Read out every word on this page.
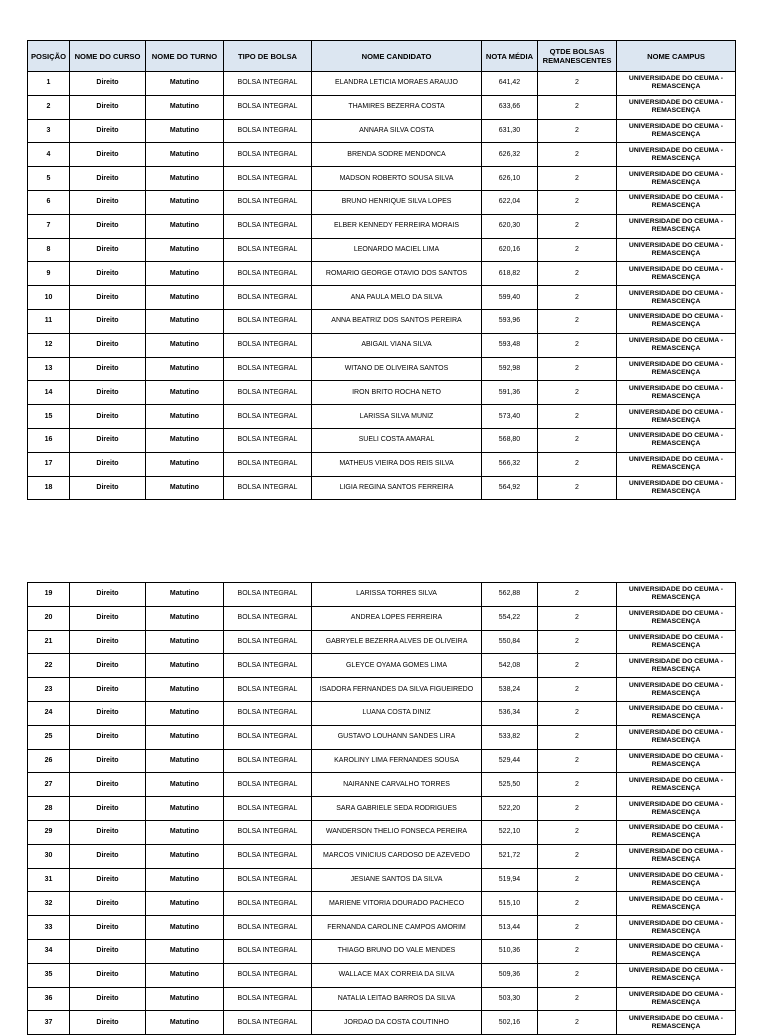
POSIÇÃO	NOME DO CURSO	NOME DO TURNO	TIPO DE BOLSA	NOME CANDIDATO	NOTA MÉDIA	QTDE BOLSAS REMANESCENTES	NOME CAMPUS
1	Direito	Matutino	BOLSA INTEGRAL	ELANDRA LETICIA MORAES ARAUJO	641,42	2	UNIVERSIDADE DO CEUMA - REMASCENÇA
2	Direito	Matutino	BOLSA INTEGRAL	THAMIRES BEZERRA COSTA	633,66	2	UNIVERSIDADE DO CEUMA - REMASCENÇA
3	Direito	Matutino	BOLSA INTEGRAL	ANNARA SILVA COSTA	631,30	2	UNIVERSIDADE DO CEUMA - REMASCENÇA
4	Direito	Matutino	BOLSA INTEGRAL	BRENDA SODRE MENDONCA	626,32	2	UNIVERSIDADE DO CEUMA - REMASCENÇA
5	Direito	Matutino	BOLSA INTEGRAL	MADSON ROBERTO SOUSA SILVA	626,10	2	UNIVERSIDADE DO CEUMA - REMASCENÇA
6	Direito	Matutino	BOLSA INTEGRAL	BRUNO HENRIQUE SILVA LOPES	622,04	2	UNIVERSIDADE DO CEUMA - REMASCENÇA
7	Direito	Matutino	BOLSA INTEGRAL	ELBER KENNEDY FERREIRA MORAIS	620,30	2	UNIVERSIDADE DO CEUMA - REMASCENÇA
8	Direito	Matutino	BOLSA INTEGRAL	LEONARDO MACIEL LIMA	620,16	2	UNIVERSIDADE DO CEUMA - REMASCENÇA
9	Direito	Matutino	BOLSA INTEGRAL	ROMARIO GEORGE OTAVIO DOS SANTOS	618,82	2	UNIVERSIDADE DO CEUMA - REMASCENÇA
10	Direito	Matutino	BOLSA INTEGRAL	ANA PAULA MELO DA SILVA	599,40	2	UNIVERSIDADE DO CEUMA - REMASCENÇA
11	Direito	Matutino	BOLSA INTEGRAL	ANNA BEATRIZ DOS SANTOS PEREIRA	593,96	2	UNIVERSIDADE DO CEUMA - REMASCENÇA
12	Direito	Matutino	BOLSA INTEGRAL	ABIGAIL VIANA SILVA	593,48	2	UNIVERSIDADE DO CEUMA - REMASCENÇA
13	Direito	Matutino	BOLSA INTEGRAL	WITANO DE OLIVEIRA SANTOS	592,98	2	UNIVERSIDADE DO CEUMA - REMASCENÇA
14	Direito	Matutino	BOLSA INTEGRAL	IRON BRITO ROCHA NETO	591,36	2	UNIVERSIDADE DO CEUMA - REMASCENÇA
15	Direito	Matutino	BOLSA INTEGRAL	LARISSA SILVA MUNIZ	573,40	2	UNIVERSIDADE DO CEUMA - REMASCENÇA
16	Direito	Matutino	BOLSA INTEGRAL	SUELI COSTA AMARAL	568,80	2	UNIVERSIDADE DO CEUMA - REMASCENÇA
17	Direito	Matutino	BOLSA INTEGRAL	MATHEUS VIEIRA DOS REIS SILVA	566,32	2	UNIVERSIDADE DO CEUMA - REMASCENÇA
18	Direito	Matutino	BOLSA INTEGRAL	LIGIA REGINA SANTOS FERREIRA	564,92	2	UNIVERSIDADE DO CEUMA - REMASCENÇA
19	Direito	Matutino	BOLSA INTEGRAL	LARISSA TORRES SILVA	562,88	2	UNIVERSIDADE DO CEUMA - REMASCENÇA
20	Direito	Matutino	BOLSA INTEGRAL	ANDREA LOPES FERREIRA	554,22	2	UNIVERSIDADE DO CEUMA - REMASCENÇA
21	Direito	Matutino	BOLSA INTEGRAL	GABRYELE BEZERRA ALVES DE OLIVEIRA	550,84	2	UNIVERSIDADE DO CEUMA - REMASCENÇA
22	Direito	Matutino	BOLSA INTEGRAL	GLEYCE OYAMA GOMES LIMA	542,08	2	UNIVERSIDADE DO CEUMA - REMASCENÇA
23	Direito	Matutino	BOLSA INTEGRAL	ISADORA FERNANDES DA SILVA FIGUEIREDO	538,24	2	UNIVERSIDADE DO CEUMA - REMASCENÇA
24	Direito	Matutino	BOLSA INTEGRAL	LUANA COSTA DINIZ	536,34	2	UNIVERSIDADE DO CEUMA - REMASCENÇA
25	Direito	Matutino	BOLSA INTEGRAL	GUSTAVO LOUHANN SANDES LIRA	533,82	2	UNIVERSIDADE DO CEUMA - REMASCENÇA
26	Direito	Matutino	BOLSA INTEGRAL	KAROLINY LIMA FERNANDES SOUSA	529,44	2	UNIVERSIDADE DO CEUMA - REMASCENÇA
27	Direito	Matutino	BOLSA INTEGRAL	NAIRANNE CARVALHO TORRES	525,50	2	UNIVERSIDADE DO CEUMA - REMASCENÇA
28	Direito	Matutino	BOLSA INTEGRAL	SARA GABRIELE SEDA RODRIGUES	522,20	2	UNIVERSIDADE DO CEUMA - REMASCENÇA
29	Direito	Matutino	BOLSA INTEGRAL	WANDERSON THELIO FONSECA PEREIRA	522,10	2	UNIVERSIDADE DO CEUMA - REMASCENÇA
30	Direito	Matutino	BOLSA INTEGRAL	MARCOS VINICIUS CARDOSO DE AZEVEDO	521,72	2	UNIVERSIDADE DO CEUMA - REMASCENÇA
31	Direito	Matutino	BOLSA INTEGRAL	JESIANE SANTOS DA SILVA	519,94	2	UNIVERSIDADE DO CEUMA - REMASCENÇA
32	Direito	Matutino	BOLSA INTEGRAL	MARIENE VITORIA DOURADO PACHECO	515,10	2	UNIVERSIDADE DO CEUMA - REMASCENÇA
33	Direito	Matutino	BOLSA INTEGRAL	FERNANDA CAROLINE CAMPOS AMORIM	513,44	2	UNIVERSIDADE DO CEUMA - REMASCENÇA
34	Direito	Matutino	BOLSA INTEGRAL	THIAGO BRUNO DO VALE MENDES	510,36	2	UNIVERSIDADE DO CEUMA - REMASCENÇA
35	Direito	Matutino	BOLSA INTEGRAL	WALLACE MAX CORREIA DA SILVA	509,36	2	UNIVERSIDADE DO CEUMA - REMASCENÇA
36	Direito	Matutino	BOLSA INTEGRAL	NATALIA LEITAO BARROS DA SILVA	503,30	2	UNIVERSIDADE DO CEUMA - REMASCENÇA
37	Direito	Matutino	BOLSA INTEGRAL	JORDAO DA COSTA COUTINHO	502,16	2	UNIVERSIDADE DO CEUMA - REMASCENÇA
